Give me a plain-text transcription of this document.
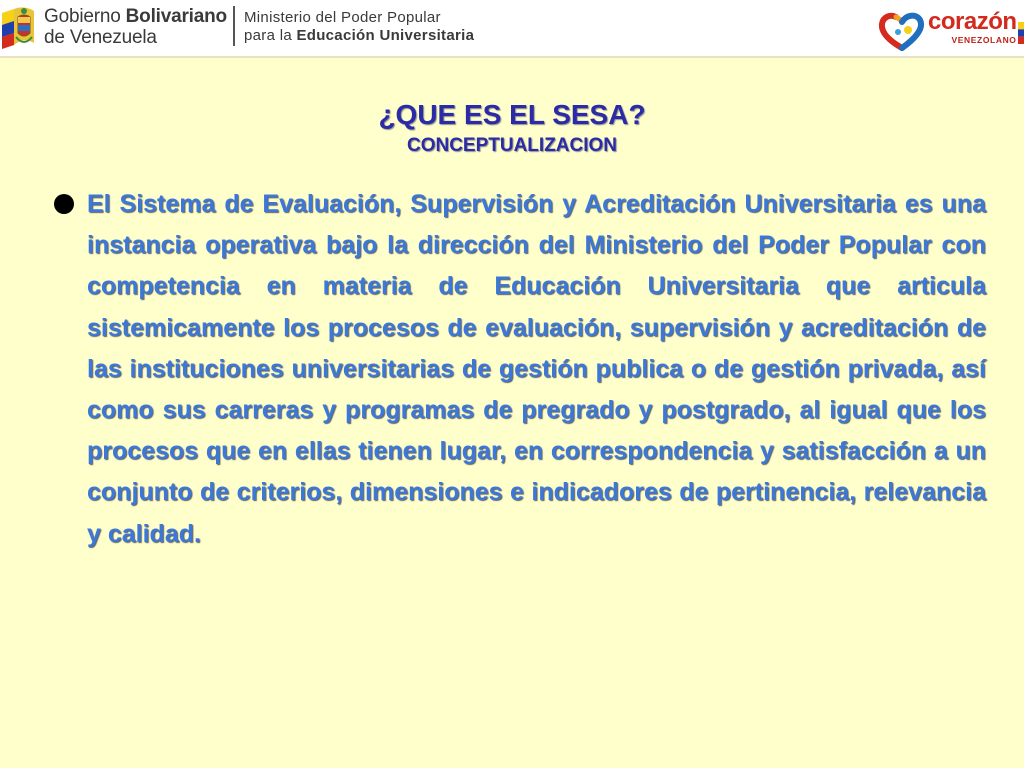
Gobierno Bolivariano
de Venezuela
Ministerio del Poder Popular
para la Educación Universitaria
corazón
VENEZOLANO
¿QUE ES EL SESA?
CONCEPTUALIZACION

El Sistema de Evaluación, Supervisión y Acreditación Universitaria es una instancia operativa bajo la dirección del Ministerio del Poder Popular con competencia en materia de Educación Universitaria que articula sistemicamente los procesos de evaluación, supervisión y acreditación de las instituciones universitarias de gestión publica o de gestión privada, así como sus carreras y programas de pregrado y postgrado, al igual que los procesos que en ellas tienen lugar, en correspondencia y satisfacción a un conjunto de criterios, dimensiones e indicadores de pertinencia, relevancia y calidad.
